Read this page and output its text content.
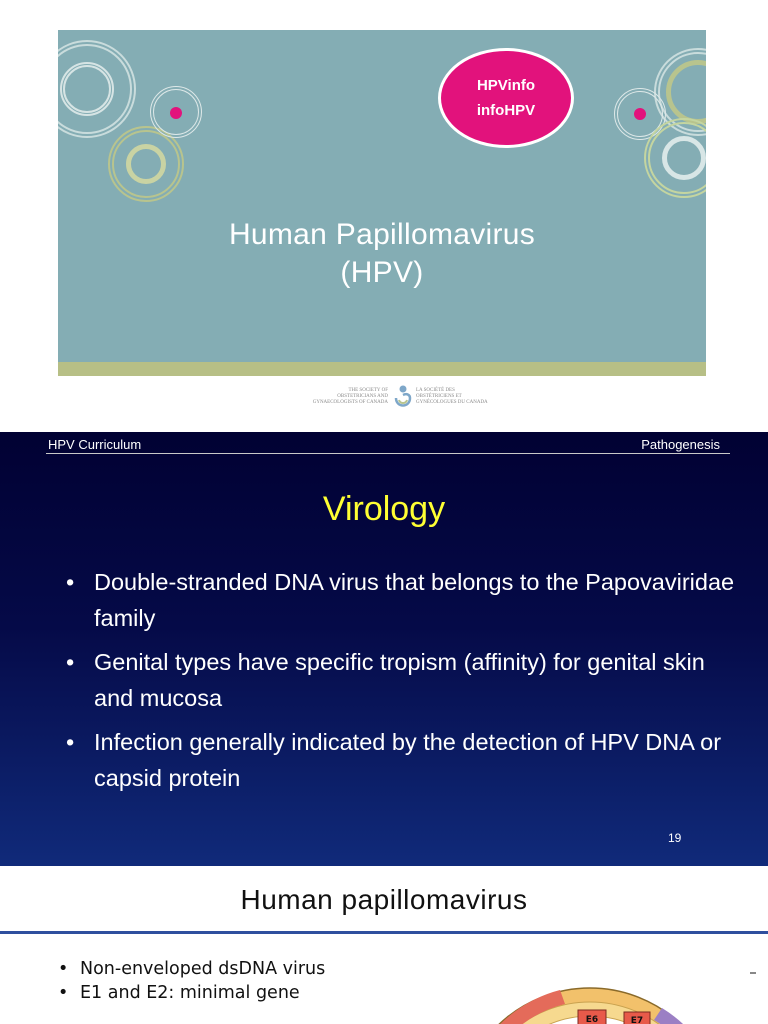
HPVinfo
infoHPV
Human Papillomavirus
(HPV)
THE SOCIETY OF OBSTETRICIANS AND GYNAECOLOGISTS OF CANADA
LA SOCIÉTÉ DES OBSTÉTRICIENS ET GYNÉCOLOGUES DU CANADA
HPV Curriculum	Pathogenesis
Virology
• Double-stranded DNA virus that belongs to the Papovaviridae family
• Genital types have specific tropism (affinity) for genital skin and mucosa
• Infection generally indicated by the detection of HPV DNA or capsid protein
19
Human papillomavirus
• Non-enveloped dsDNA virus
• E1 and E2: minimal gene
E6	E7
